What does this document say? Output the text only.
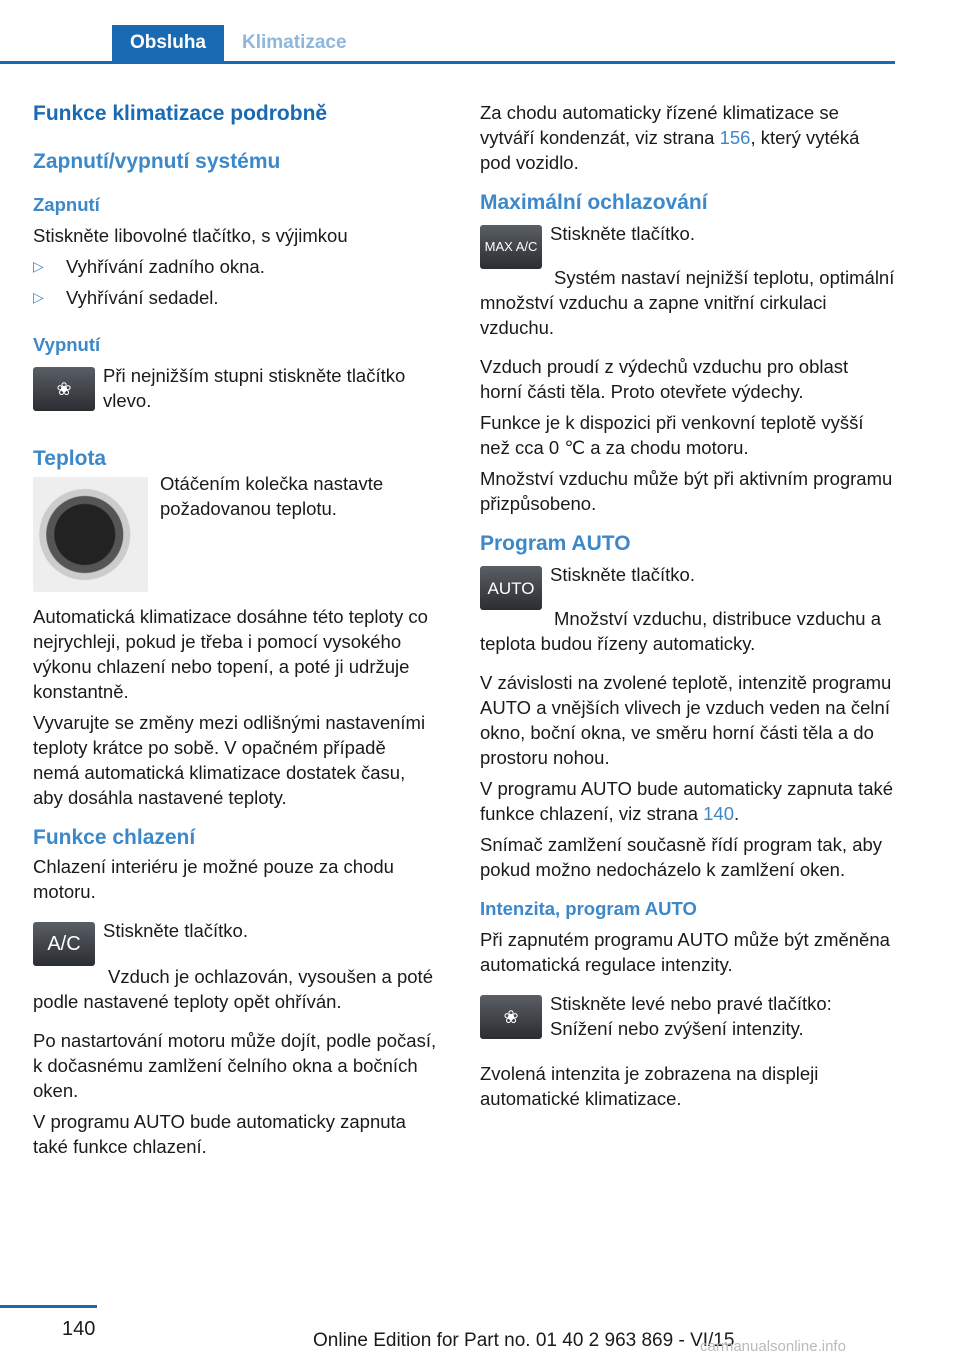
Obsluha	Klimatizace
Funkce klimatizace podrobně
Zapnutí/vypnutí systému
Zapnutí

Stiskněte libovolné tlačítko, s výjimkou

▷	Vyhřívání zadního okna.
▷	Vyhřívání sedadel.
Vypnutí
❀

Při nejnižším stupni stiskněte tlačítko vlevo.

Teplota

Otáčením kolečka nastavte požadovanou teplotu.

Automatická klimatizace dosáhne této teploty co nejrychleji, pokud je třeba i pomocí vysokého výkonu chlazení nebo topení, a poté ji udržuje konstantně.

Vyvarujte se změny mezi odlišnými nastaveními teploty krátce po sobě. V opačném případě nemá automatická klimatizace dostatek času, aby dosáhla nastavené teploty.

Funkce chlazení

Chlazení interiéru je možné pouze za chodu motoru.

A/C

Stiskněte tlačítko.

Vzduch je ochlazován, vysoušen a poté podle nastavené teploty opět ohříván.

Po nastartování motoru může dojít, podle počasí, k dočasnému zamlžení čelního okna a bočních oken.

V programu AUTO bude automaticky zapnuta také funkce chlazení.

Za chodu automaticky řízené klimatizace se vytváří kondenzát, viz strana 156, který vytéká pod vozidlo.

Maximální ochlazování
MAX A/C

Stiskněte tlačítko.

Systém nastaví nejnižší teplotu, optimální množství vzduchu a zapne vnitřní cirkulaci vzduchu.

Vzduch proudí z výdechů vzduchu pro oblast horní části těla. Proto otevřete výdechy.

Funkce je k dispozici při venkovní teplotě vyšší než cca 0 ℃ a za chodu motoru.

Množství vzduchu může být při aktivním programu přizpůsobeno.

Program AUTO
AUTO

Stiskněte tlačítko.

Množství vzduchu, distribuce vzduchu a teplota budou řízeny automaticky.

V závislosti na zvolené teplotě, intenzitě programu AUTO a vnějších vlivech je vzduch veden na čelní okno, boční okna, ve směru horní části těla a do prostoru nohou.

V programu AUTO bude automaticky zapnuta také funkce chlazení, viz strana 140.

Snímač zamlžení současně řídí program tak, aby pokud možno nedocházelo k zamlžení oken.

Intenzita, program AUTO

Při zapnutém programu AUTO může být změněna automatická regulace intenzity.

❀

Stiskněte levé nebo pravé tlačítko: Snížení nebo zvýšení intenzity.

Zvolená intenzita je zobrazena na displeji automatické klimatizace.

140
Online Edition for Part no. 01 40 2 963 869 - VI/15
carmanualsonline.info
